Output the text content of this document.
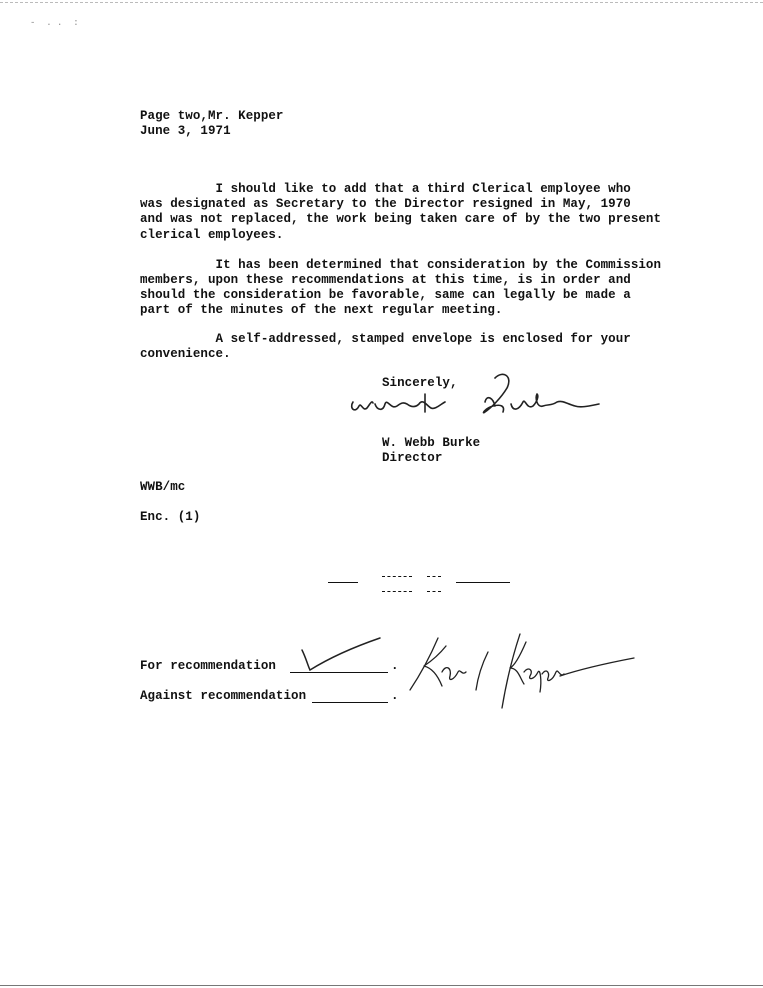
-  . .  :
Page two,Mr. Kepper
June 3, 1971
I should like to add that a third Clerical employee who
was designated as Secretary to the Director resigned in May, 1970
and was not replaced, the work being taken care of by the two present
clerical employees.
It has been determined that consideration by the Commission
members, upon these recommendations at this time, is in order and
should the consideration be favorable, same can legally be made a
part of the minutes of the next regular meeting.
A self-addressed, stamped envelope is enclosed for your
convenience.
Sincerely,
W. Webb Burke
Director
WWB/mc
Enc. (1)
For recommendation	.
Against recommendation	.
